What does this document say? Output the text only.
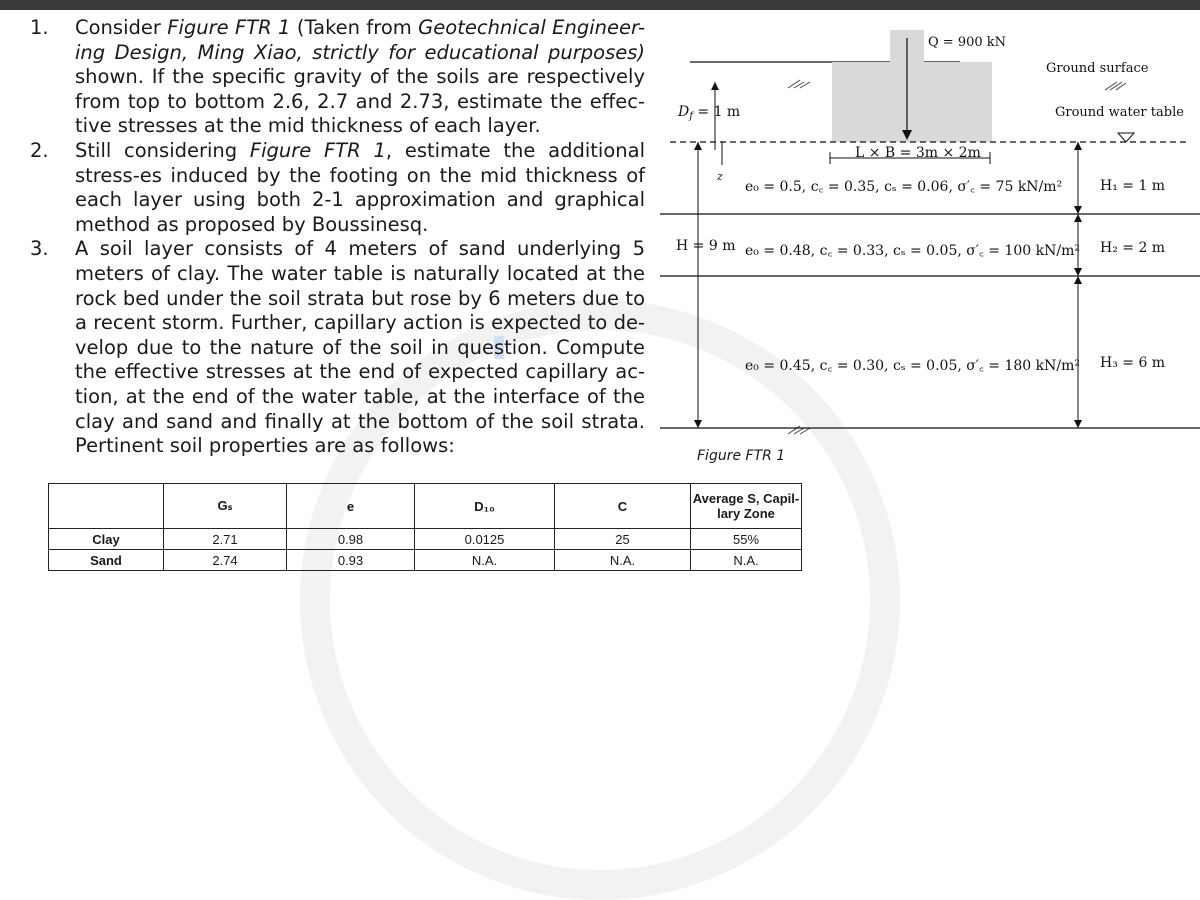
1. Consider Figure FTR 1 (Taken from Geotechnical Engineer-ing Design, Ming Xiao, strictly for educational purposes) shown. If the specific gravity of the soils are respectively from top to bottom 2.6, 2.7 and 2.73, estimate the effec-tive stresses at the mid thickness of each layer.
2. Still considering Figure FTR 1, estimate the additional stress-es induced by the footing on the mid thickness of each layer using both 2-1 approximation and graphical method as proposed by Boussinesq.
3. A soil layer consists of 4 meters of sand underlying 5 meters of clay. The water table is naturally located at the rock bed under the soil strata but rose by 6 meters due to a recent storm. Further, capillary action is expected to de-velop due to the nature of the soil in question. Compute the effective stresses at the end of expected capillary ac-tion, at the end of the water table, at the interface of the clay and sand and finally at the bottom of the soil strata. Pertinent soil properties are as follows:
Q = 900 kN
Ground surface
Ground water table
$D_f = 1$ m
L × B = 3m × 2m
z
H = 9 m
e₀ = 0.5, c꜀ = 0.35, cₛ = 0.06, σ′꜀ = 75 kN/m²	H₁ = 1 m
e₀ = 0.48, c꜀ = 0.33, cₛ = 0.05, σ′꜀ = 100 kN/m² H₂ = 2 m
e₀ = 0.45, c꜀ = 0.30, cₛ = 0.05, σ′꜀ = 180 kN/m² H₃ = 6 m
Figure FTR 1
	Gₛ	e	D₁₀	C	Average S, Capil-lary Zone
Clay	2.71	0.98	0.0125	25	55%
Sand	2.74	0.93	N.A.	N.A.	N.A.
